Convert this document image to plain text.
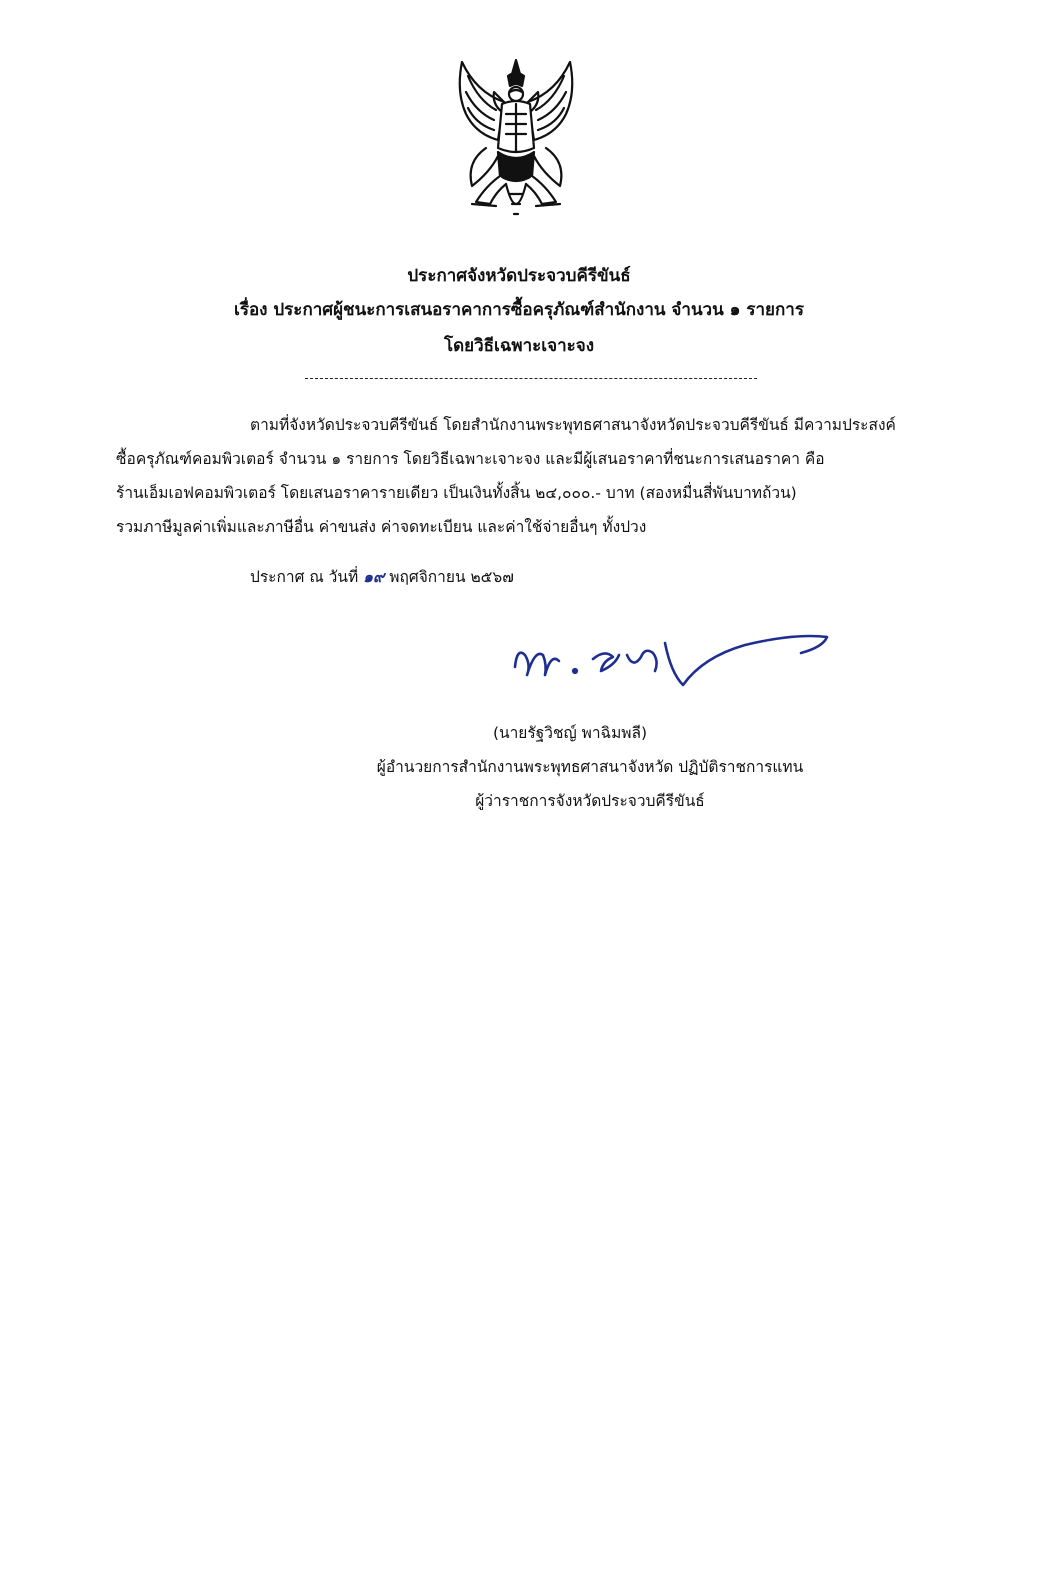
ประกาศจังหวัดประจวบคีรีขันธ์
เรื่อง ประกาศผู้ชนะการเสนอราคาการซื้อครุภัณฑ์สำนักงาน จำนวน ๑ รายการ
โดยวิธีเฉพาะเจาะจง
ตามที่จังหวัดประจวบคีรีขันธ์ โดยสำนักงานพระพุทธศาสนาจังหวัดประจวบคีรีขันธ์ มีความประสงค์
ซื้อครุภัณฑ์คอมพิวเตอร์ จำนวน ๑ รายการ โดยวิธีเฉพาะเจาะจง และมีผู้เสนอราคาที่ชนะการเสนอราคา คือ
ร้านเอ็มเอฟคอมพิวเตอร์ โดยเสนอราคารายเดียว เป็นเงินทั้งสิ้น ๒๔,๐๐๐.- บาท (สองหมื่นสี่พันบาทถ้วน)
รวมภาษีมูลค่าเพิ่มและภาษีอื่น ค่าขนส่ง ค่าจดทะเบียน และค่าใช้จ่ายอื่นๆ ทั้งปวง
ประกาศ ณ วันที่ ๑๙ พฤศจิกายน ๒๕๖๗
(นายรัฐวิชญ์ พาฉิมพลี)
ผู้อำนวยการสำนักงานพระพุทธศาสนาจังหวัด ปฏิบัติราชการแทน
ผู้ว่าราชการจังหวัดประจวบคีรีขันธ์
